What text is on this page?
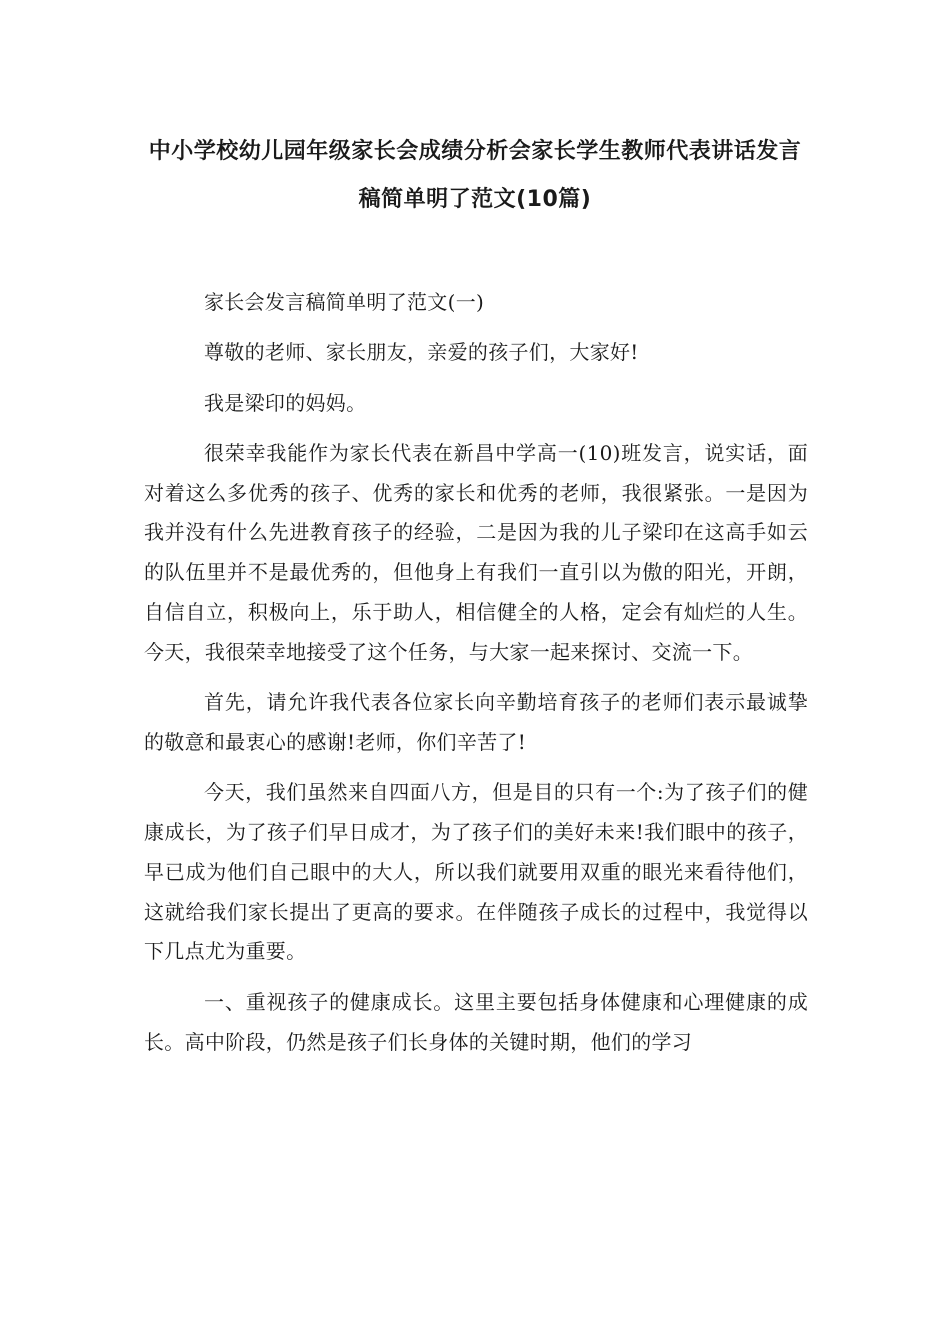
中小学校幼儿园年级家长会成绩分析会家长学生教师代表讲话发言
稿简单明了范文(10篇)

家长会发言稿简单明了范文(一)

尊敬的老师、家长朋友，亲爱的孩子们，大家好!

我是梁印的妈妈。

很荣幸我能作为家长代表在新昌中学高一(10)班发言，说实话，面对着这么多优秀的孩子、优秀的家长和优秀的老师，我很紧张。一是因为我并没有什么先进教育孩子的经验，二是因为我的儿子梁印在这高手如云的队伍里并不是最优秀的，但他身上有我们一直引以为傲的阳光，开朗，自信自立，积极向上，乐于助人，相信健全的人格，定会有灿烂的人生。今天，我很荣幸地接受了这个任务，与大家一起来探讨、交流一下。

首先，请允许我代表各位家长向辛勤培育孩子的老师们表示最诚挚的敬意和最衷心的感谢!老师，你们辛苦了!

今天，我们虽然来自四面八方，但是目的只有一个:为了孩子们的健康成长，为了孩子们早日成才，为了孩子们的美好未来!我们眼中的孩子，早已成为他们自己眼中的大人，所以我们就要用双重的眼光来看待他们，这就给我们家长提出了更高的要求。在伴随孩子成长的过程中，我觉得以下几点尤为重要。

一、重视孩子的健康成长。这里主要包括身体健康和心理健康的成长。高中阶段，仍然是孩子们长身体的关键时期，他们的学习
